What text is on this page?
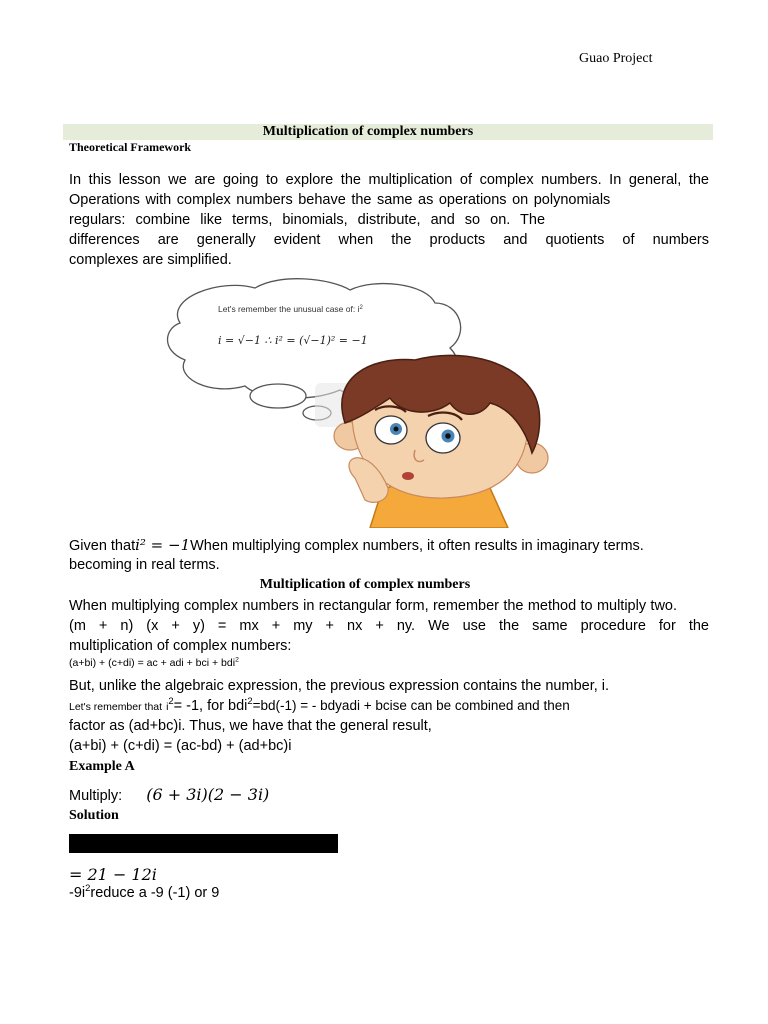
Guao Project
Multiplication of complex numbers
Theoretical Framework
In this lesson we are going to explore the multiplication of complex numbers. In general, the
Operations with complex numbers behave the same as operations on polynomials
regulars: combine like terms, binomials, distribute, and so on. The
differences are generally evident when the products and quotients of numbers
complexes are simplified.
Let's remember the unusual case of: $i^2$
i = √−1 ∴ i² = (√−1)² = −1
Given thati² = −1When multiplying complex numbers, it often results in imaginary terms.
becoming in real terms.
Multiplication of complex numbers
When multiplying complex numbers in rectangular form, remember the method to multiply two.
(m + n) (x + y) = mx + my + nx + ny. We use the same procedure for the
multiplication of complex numbers:
(a+bi) + (c+di) = ac + adi + bci + bdi$^2$
But, unlike the algebraic expression, the previous expression contains the number, i.
Let's remember that $i^2= -1$, for bdi$^2$=bd(-1) = - bdyadi + bcise can be combined and then
factor as (ad+bc)i. Thus, we have that the general result,
(a+bi) + (c+di) = (ac-bd) + (ad+bc)i
Example A
Multiply: (6 + 3i)(2 − 3i)
Solution
= 21 − 12i
$-9i^2reduce$ a -9 (-1) or 9
